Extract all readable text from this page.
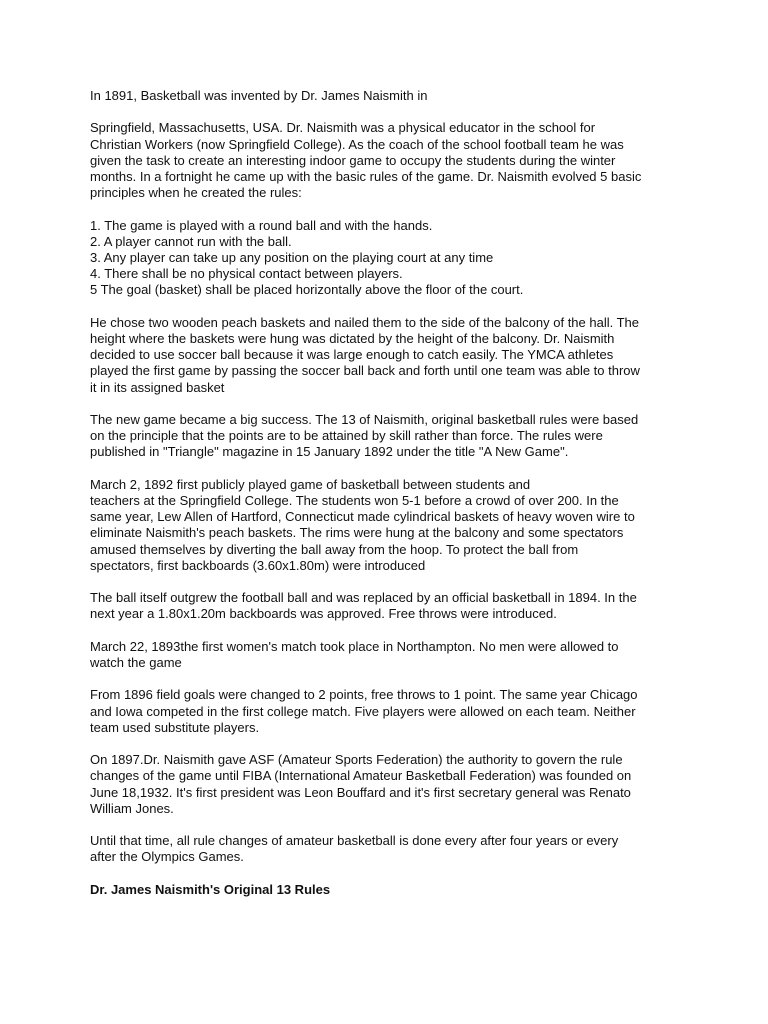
In 1891, Basketball was invented by Dr. James Naismith in
Springfield, Massachusetts, USA. Dr. Naismith was a physical educator in the school for
Christian Workers (now Springfield College). As the coach of the school football team he was
given the task to create an interesting indoor game to occupy the students during the winter
months. In a fortnight he came up with the basic rules of the game. Dr. Naismith evolved 5 basic
principles when he created the rules:
1. The game is played with a round ball and with the hands.
2. A player cannot run with the ball.
3. Any player can take up any position on the playing court at any time
4. There shall be no physical contact between players.
5 The goal (basket) shall be placed horizontally above the floor of the court.
He chose two wooden peach baskets and nailed them to the side of the balcony of the hall. The
height where the baskets were hung was dictated by the height of the balcony. Dr. Naismith
decided to use soccer ball because it was large enough to catch easily. The YMCA athletes
played the first game by passing the soccer ball back and forth until one team was able to throw
it in its assigned basket
The new game became a big success. The 13 of Naismith, original basketball rules were based
on the principle that the points are to be attained by skill rather than force. The rules were
published in "Triangle" magazine in 15 January 1892 under the title "A New Game".
March 2, 1892 first publicly played game of basketball between students and
teachers at the Springfield College. The students won 5-1 before a crowd of over 200. In the
same year, Lew Allen of Hartford, Connecticut made cylindrical baskets of heavy woven wire to
eliminate Naismith's peach baskets. The rims were hung at the balcony and some spectators
amused themselves by diverting the ball away from the hoop. To protect the ball from
spectators, first backboards (3.60x1.80m) were introduced
The ball itself outgrew the football ball and was replaced by an official basketball in 1894. In the
next year a 1.80x1.20m backboards was approved. Free throws were introduced.
March 22, 1893the first women's match took place in Northampton. No men were allowed to
watch the game
From 1896 field goals were changed to 2 points, free throws to 1 point. The same year Chicago
and Iowa competed in the first college match. Five players were allowed on each team. Neither
team used substitute players.
On 1897.Dr. Naismith gave ASF (Amateur Sports Federation) the authority to govern the rule
changes of the game until FIBA (International Amateur Basketball Federation) was founded on
June 18,1932. It's first president was Leon Bouffard and it's first secretary general was Renato
William Jones.
Until that time, all rule changes of amateur basketball is done every after four years or every
after the Olympics Games.
Dr. James Naismith's Original 13 Rules
